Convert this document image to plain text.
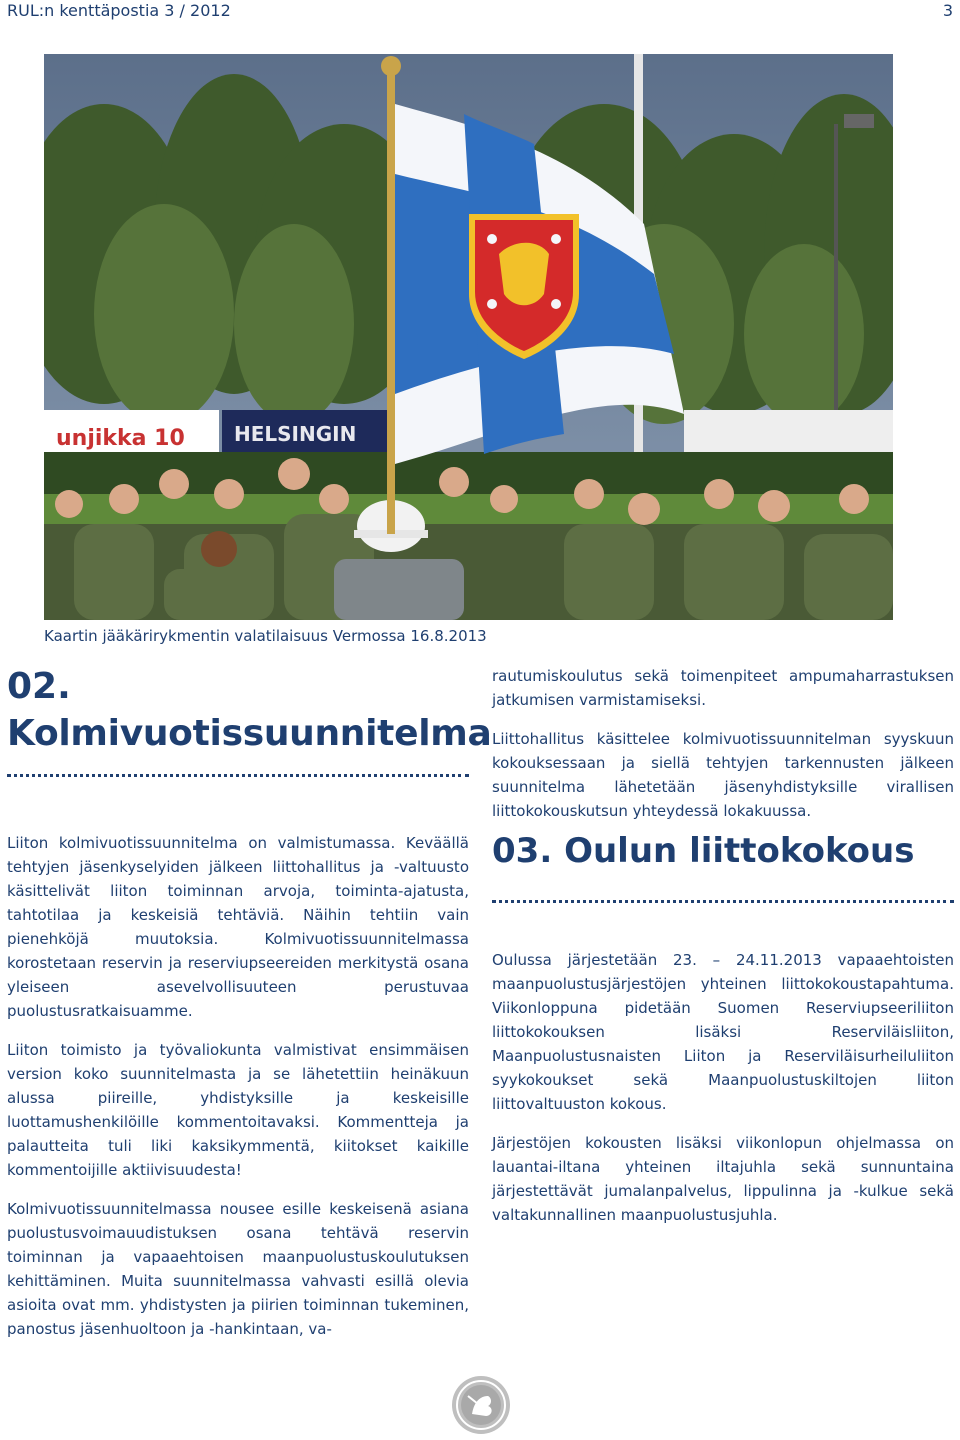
RUL:n kenttäpostia 3 / 2012	3
unjikka 10 HELSINGIN
Kaartin jääkärirykmentin valatilaisuus Vermossa 16.8.2013
02.
Kolmivuotissuunnitelma

Liiton kolmivuotissuunnitelma on valmistumassa. Keväällä tehtyjen jäsenkyselyiden jälkeen liittohallitus ja -valtuusto käsittelivät liiton toiminnan arvoja, toiminta-ajatusta, tahtotilaa ja keskeisiä tehtäviä. Näihin tehtiin vain pienehköjä muutoksia. Kolmivuotissuunnitelmassa korostetaan reservin ja reserviupseereiden merkitystä osana yleiseen asevelvollisuuteen perustuvaa puolustusratkaisuamme.

Liiton toimisto ja työvaliokunta valmistivat ensimmäisen version koko suunnitelmasta ja se lähetettiin heinäkuun alussa piireille, yhdistyksille ja keskeisille luottamushenkilöille kommentoitavaksi. Kommentteja ja palautteita tuli liki kaksikymmentä, kiitokset kaikille kommentoijille aktiivisuudesta!

Kolmivuotissuunnitelmassa nousee esille keskeisenä asiana puolustusvoimauudistuksen osana tehtävä reservin toiminnan ja vapaaehtoisen maanpuolustuskoulutuksen kehittäminen. Muita suunnitelmassa vahvasti esillä olevia asioita ovat mm. yhdistysten ja piirien toiminnan tukeminen, panostus jäsenhuoltoon ja -hankintaan, va-

rautumiskoulutus sekä toimenpiteet ampumaharrastuksen jatkumisen varmistamiseksi.

Liittohallitus käsittelee kolmivuotissuunnitelman syyskuun kokouksessaan ja siellä tehtyjen tarkennusten jälkeen suunnitelma lähetetään jäsenyhdistyksille virallisen liittokokouskutsun yhteydessä lokakuussa.

03. Oulun liittokokous

Oulussa järjestetään 23. – 24.11.2013 vapaaehtoisten maanpuolustusjärjestöjen yhteinen liittokokoustapahtuma. Viikonloppuna pidetään Suomen Reserviupseeriliiton liittokokouksen lisäksi Reserviläisliiton, Maanpuolustusnaisten Liiton ja Reserviläisurheiluliiton syykokoukset sekä Maanpuolustuskiltojen liiton liittovaltuuston kokous.

Järjestöjen kokousten lisäksi viikonlopun ohjelmassa on lauantai-iltana yhteinen iltajuhla sekä sunnuntaina järjestettävät jumalanpalvelus, lippulinna ja -kulkue sekä valtakunnallinen maanpuolustusjuhla.
